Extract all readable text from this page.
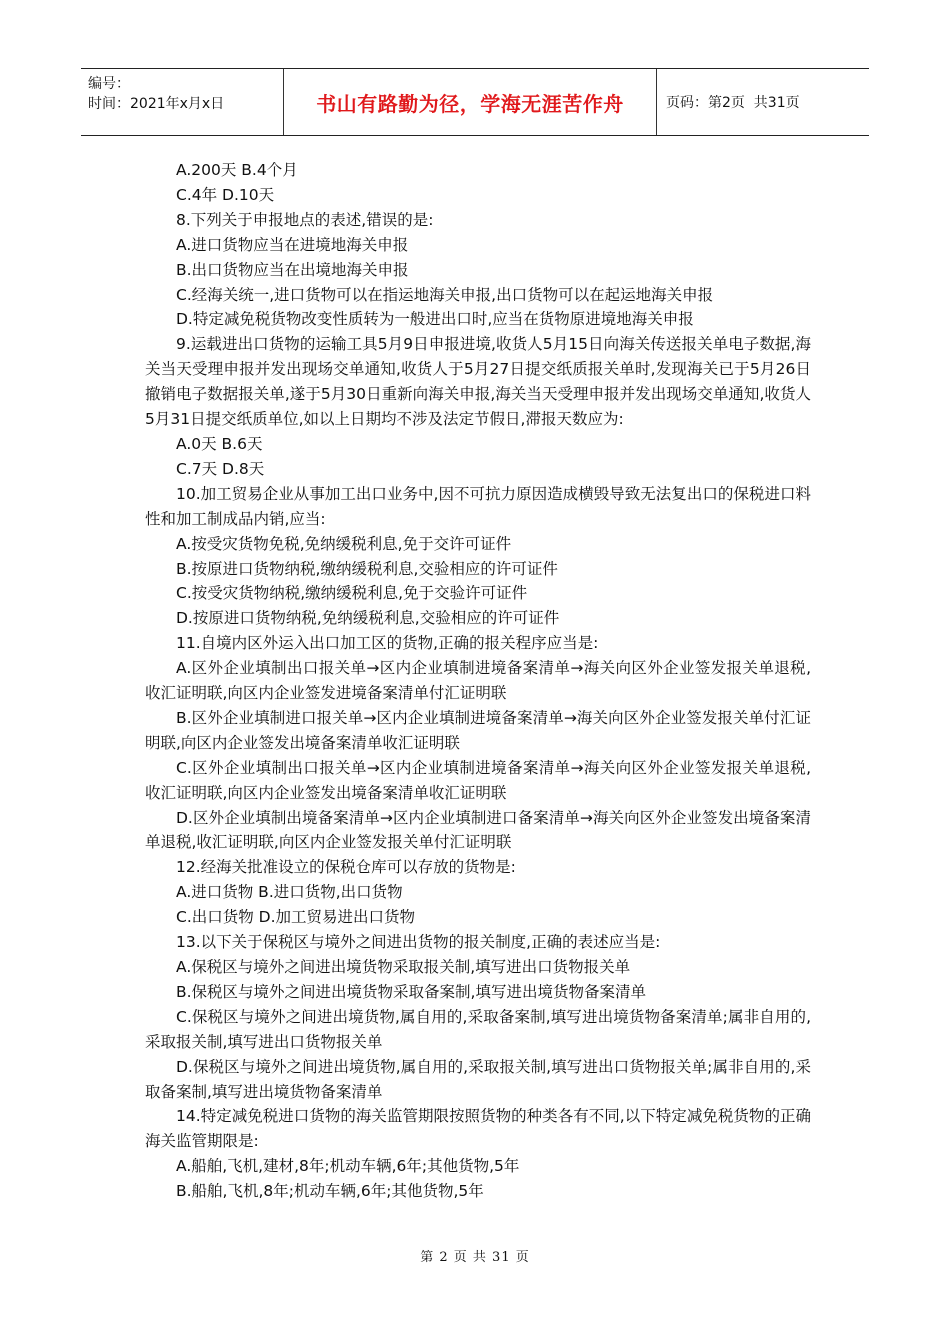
编号：
时间：2021年x月x日	书山有路勤为径，学海无涯苦作舟	页码：第2页  共31页

A.200天 B.4个月

C.4年 D.10天

8.下列关于申报地点的表述,错误的是:

A.进口货物应当在进境地海关申报

B.出口货物应当在出境地海关申报

C.经海关统一,进口货物可以在指运地海关申报,出口货物可以在起运地海关申报

D.特定减免税货物改变性质转为一般进出口时,应当在货物原进境地海关申报

9.运载进出口货物的运输工具5月9日申报进境,收货人5月15日向海关传送报关单电子数据,海关当天受理申报并发出现场交单通知,收货人于5月27日提交纸质报关单时,发现海关已于5月26日撤销电子数据报关单,遂于5月30日重新向海关申报,海关当天受理申报并发出现场交单通知,收货人5月31日提交纸质单位,如以上日期均不涉及法定节假日,滞报天数应为:

A.0天 B.6天

C.7天 D.8天

10.加工贸易企业从事加工出口业务中,因不可抗力原因造成横毁导致无法复出口的保税进口料性和加工制成品内销,应当:

A.按受灾货物免税,免纳缓税利息,免于交许可证件

B.按原进口货物纳税,缴纳缓税利息,交验相应的许可证件

C.按受灾货物纳税,缴纳缓税利息,免于交验许可证件

D.按原进口货物纳税,免纳缓税利息,交验相应的许可证件

11.自境内区外运入出口加工区的货物,正确的报关程序应当是:

A.区外企业填制出口报关单→区内企业填制进境备案清单→海关向区外企业签发报关单退税,收汇证明联,向区内企业签发进境备案清单付汇证明联

B.区外企业填制进口报关单→区内企业填制进境备案清单→海关向区外企业签发报关单付汇证明联,向区内企业签发出境备案清单收汇证明联

C.区外企业填制出口报关单→区内企业填制进境备案清单→海关向区外企业签发报关单退税,收汇证明联,向区内企业签发出境备案清单收汇证明联

D.区外企业填制出境备案清单→区内企业填制进口备案清单→海关向区外企业签发出境备案清单退税,收汇证明联,向区内企业签发报关单付汇证明联

12.经海关批准设立的保税仓库可以存放的货物是:

A.进口货物 B.进口货物,出口货物

C.出口货物 D.加工贸易进出口货物

13.以下关于保税区与境外之间进出货物的报关制度,正确的表述应当是:

A.保税区与境外之间进出境货物采取报关制,填写进出口货物报关单

B.保税区与境外之间进出境货物采取备案制,填写进出境货物备案清单

C.保税区与境外之间进出境货物,属自用的,采取备案制,填写进出境货物备案清单;属非自用的,采取报关制,填写进出口货物报关单

D.保税区与境外之间进出境货物,属自用的,采取报关制,填写进出口货物报关单;属非自用的,采取备案制,填写进出境货物备案清单

14.特定减免税进口货物的海关监管期限按照货物的种类各有不同,以下特定减免税货物的正确海关监管期限是:

A.船舶,飞机,建材,8年;机动车辆,6年;其他货物,5年

B.船舶,飞机,8年;机动车辆,6年;其他货物,5年

第 2 页 共 31 页
